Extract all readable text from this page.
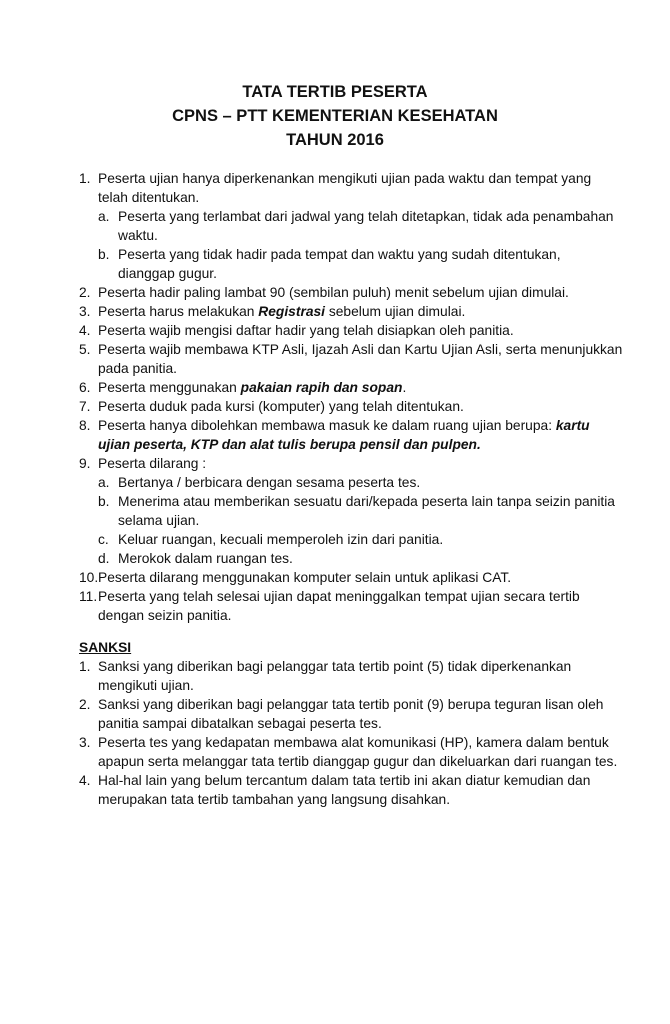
TATA TERTIB PESERTA
CPNS – PTT KEMENTERIAN KESEHATAN
TAHUN 2016
1. Peserta ujian hanya diperkenankan mengikuti ujian pada waktu dan tempat yang
telah ditentukan.
a. Peserta yang terlambat dari jadwal yang telah ditetapkan, tidak ada penambahan
waktu.
b. Peserta yang tidak hadir pada tempat dan waktu yang sudah ditentukan,
dianggap gugur.
2. Peserta hadir paling lambat 90 (sembilan puluh) menit sebelum ujian dimulai.
3. Peserta harus melakukan Registrasi sebelum ujian dimulai.
4. Peserta wajib mengisi daftar hadir yang telah disiapkan oleh panitia.
5. Peserta wajib membawa KTP Asli, Ijazah Asli dan Kartu Ujian Asli, serta menunjukkan
pada panitia.
6. Peserta menggunakan pakaian rapih dan sopan.
7. Peserta duduk pada kursi (komputer) yang telah ditentukan.
8. Peserta hanya dibolehkan membawa masuk ke dalam ruang ujian berupa: kartu
ujian peserta, KTP dan alat tulis berupa pensil dan pulpen.
9. Peserta dilarang :
a. Bertanya / berbicara dengan sesama peserta tes.
b. Menerima atau memberikan sesuatu dari/kepada peserta lain tanpa seizin panitia
selama ujian.
c. Keluar ruangan, kecuali memperoleh izin dari panitia.
d. Merokok dalam ruangan tes.
10. Peserta dilarang menggunakan komputer selain untuk aplikasi CAT.
11. Peserta yang telah selesai ujian dapat meninggalkan tempat ujian secara tertib
dengan seizin panitia.
SANKSI
1. Sanksi yang diberikan bagi pelanggar tata tertib point (5) tidak diperkenankan
mengikuti ujian.
2. Sanksi yang diberikan bagi pelanggar tata tertib ponit (9) berupa teguran lisan oleh
panitia sampai dibatalkan sebagai peserta tes.
3. Peserta tes yang kedapatan membawa alat komunikasi (HP), kamera dalam bentuk
apapun serta melanggar tata tertib dianggap gugur dan dikeluarkan dari ruangan tes.
4. Hal-hal lain yang belum tercantum dalam tata tertib ini akan diatur kemudian dan
merupakan tata tertib tambahan yang langsung disahkan.
